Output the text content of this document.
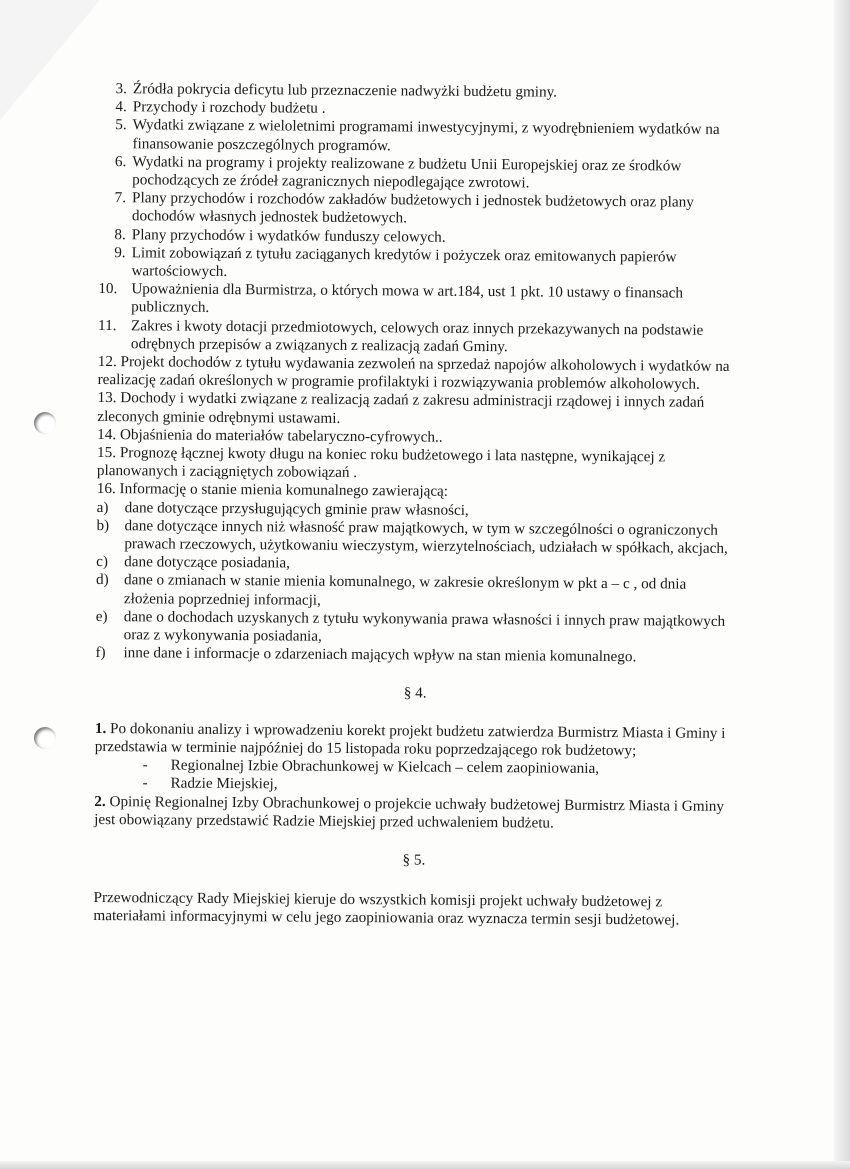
3. Źródła pokrycia deficytu lub przeznaczenie nadwyżki budżetu gminy.
4. Przychody i rozchody budżetu .
5. Wydatki związane z wieloletnimi programami inwestycyjnymi, z wyodrębnieniem wydatków na finansowanie poszczególnych programów.
6. Wydatki na programy i projekty realizowane z budżetu Unii Europejskiej oraz ze środków pochodzących ze źródeł zagranicznych niepodlegające zwrotowi.
7. Plany przychodów i rozchodów zakładów budżetowych i jednostek budżetowych oraz plany dochodów własnych jednostek budżetowych.
8. Plany przychodów i wydatków funduszy celowych.
9. Limit zobowiązań z tytułu zaciąganych kredytów i pożyczek oraz emitowanych papierów wartościowych.
10. Upoważnienia dla Burmistrza, o których mowa w art.184, ust 1 pkt. 10 ustawy o finansach publicznych.
11. Zakres i kwoty dotacji przedmiotowych, celowych oraz innych przekazywanych na podstawie odrębnych przepisów a związanych z realizacją zadań Gminy.

12. Projekt dochodów z tytułu wydawania zezwoleń na sprzedaż napojów alkoholowych i wydatków na realizację zadań określonych w programie profilaktyki i rozwiązywania problemów alkoholowych.

13. Dochody i wydatki związane z realizacją zadań z zakresu administracji rządowej i innych zadań zleconych gminie odrębnymi ustawami.

14. Objaśnienia do materiałów tabelaryczno-cyfrowych..

15. Prognozę łącznej kwoty długu na koniec roku budżetowego i lata następne, wynikającej z planowanych i zaciągniętych zobowiązań .

16. Informację o stanie mienia komunalnego zawierającą:

a)	dane dotyczące przysługujących gminie praw własności,
b)	dane dotyczące innych niż własność praw majątkowych, w tym w szczególności o ograniczonych prawach rzeczowych, użytkowaniu wieczystym, wierzytelnościach, udziałach w spółkach, akcjach,
c)	dane dotyczące posiadania,
d)	dane o zmianach w stanie mienia komunalnego, w zakresie określonym w pkt a – c , od dnia złożenia poprzedniej informacji,
e)	dane o dochodach uzyskanych z tytułu wykonywania prawa własności i innych praw majątkowych oraz z wykonywania posiadania,
f)	inne dane i informacje o zdarzeniach mających wpływ na stan mienia komunalnego.
§ 4.

1. Po dokonaniu analizy i wprowadzeniu korekt projekt budżetu zatwierdza Burmistrz Miasta i Gminy i przedstawia w terminie najpóźniej do 15 listopada roku poprzedzającego rok budżetowy;

-	Regionalnej Izbie Obrachunkowej w Kielcach – celem zaopiniowania,
-	Radzie Miejskiej,

2. Opinię Regionalnej Izby Obrachunkowej o projekcie uchwały budżetowej Burmistrz Miasta i Gminy jest obowiązany przedstawić Radzie Miejskiej przed uchwaleniem budżetu.

§ 5.

Przewodniczący Rady Miejskiej kieruje do wszystkich komisji projekt uchwały budżetowej z materiałami informacyjnymi w celu jego zaopiniowania oraz wyznacza termin sesji budżetowej.
